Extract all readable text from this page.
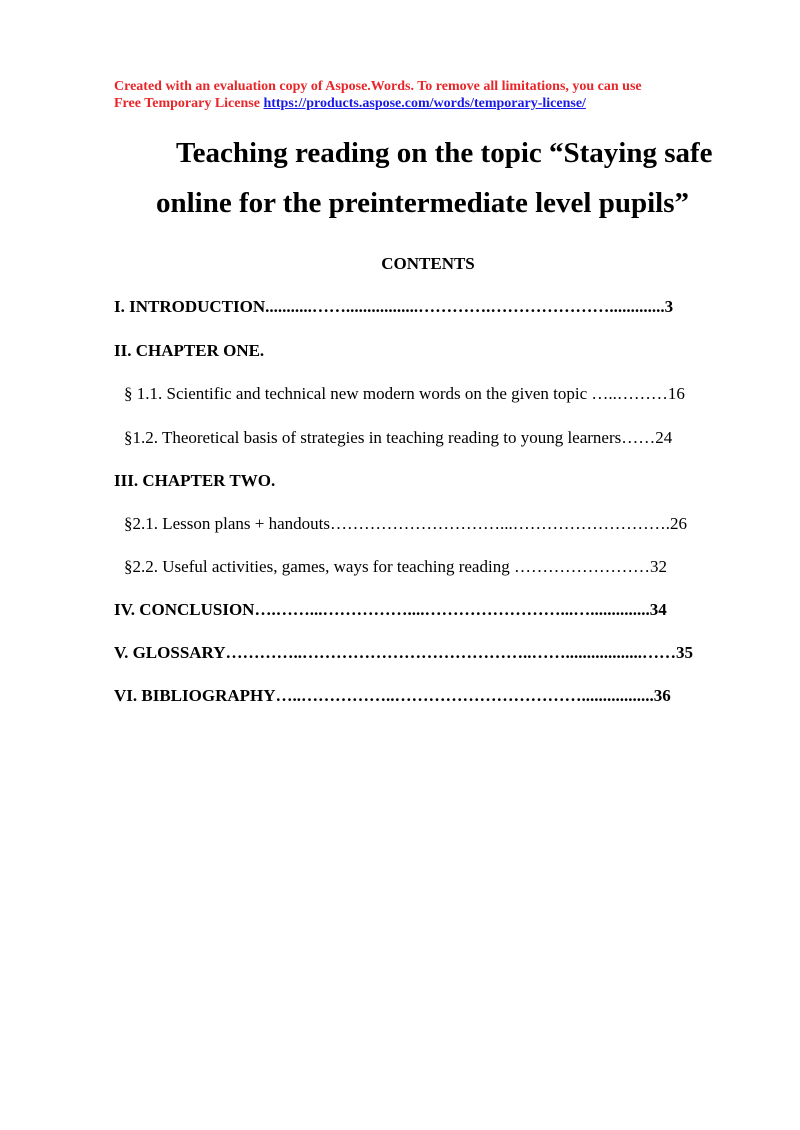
Created with an evaluation copy of Aspose.Words. To remove all limitations, you can use
Free Temporary License https://products.aspose.com/words/temporary-license/
Teaching reading on the topic “Staying safe
online for the preintermediate level pupils”
CONTENTS
I. INTRODUCTION...........…….................………….………………….............3
II. CHAPTER ONE.
§ 1.1. Scientific and technical new modern words on the given topic …..………16
§1.2. Theoretical basis of strategies in teaching reading to young learners……24
III. CHAPTER TWO.
§2.1. Lesson plans + handouts…………………………...……………………….26
§2.2. Useful activities, games, ways for teaching reading ……………………32
IV. CONCLUSION….……...……………....……………………...…..............34
V. GLOSSARY…………..…………………………………..……..................……35
VI. BIBLIOGRAPHY…..……………..…………………………….................36
